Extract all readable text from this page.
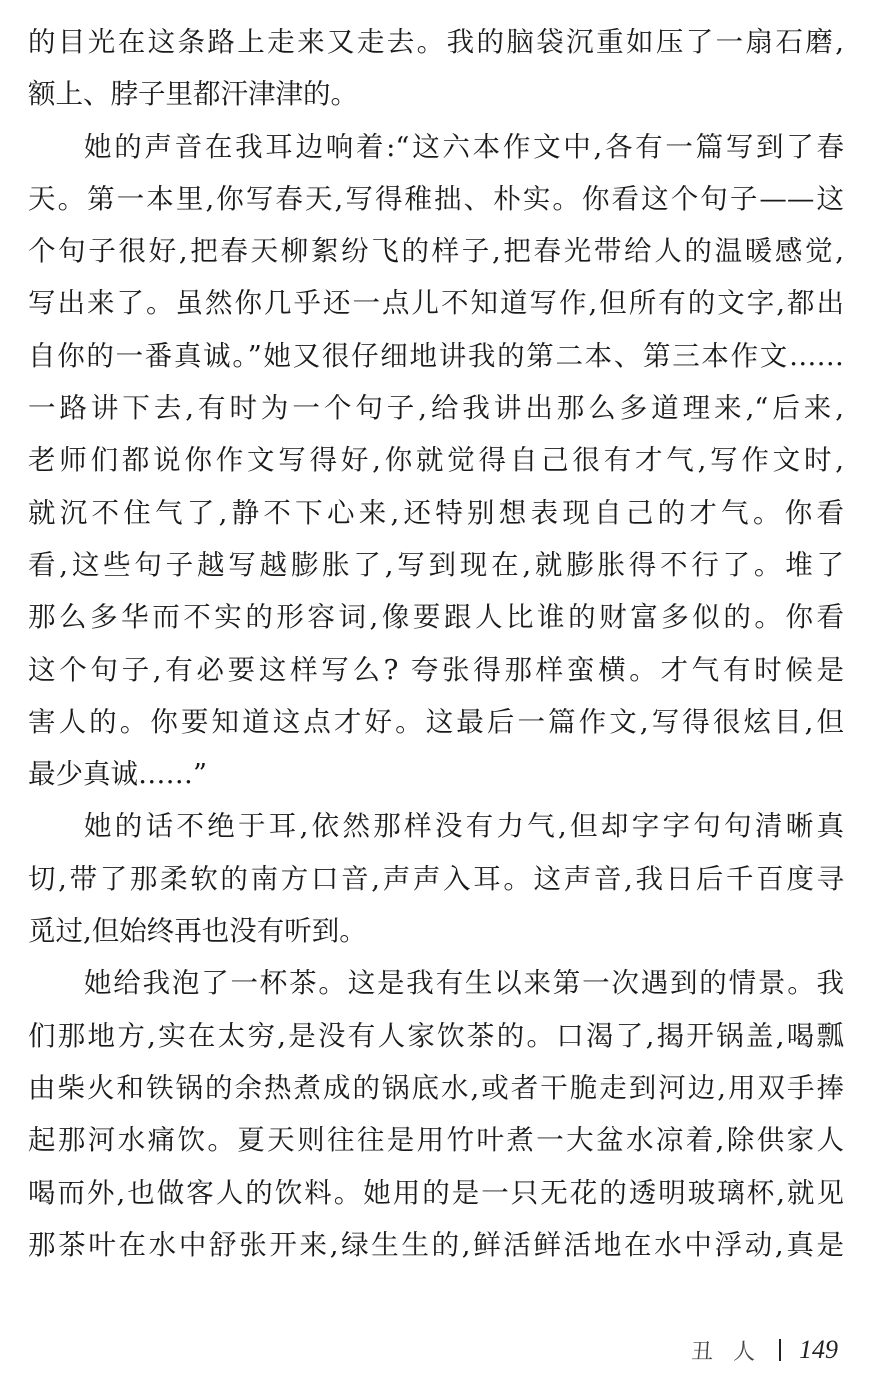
的目光在这条路上走来又走去。我的脑袋沉重如压了一扇石磨,
额上、脖子里都汗津津的。
她的声音在我耳边响着:“这六本作文中,各有一篇写到了春
天。第一本里,你写春天,写得稚拙、朴实。你看这个句子——这
个句子很好,把春天柳絮纷飞的样子,把春光带给人的温暖感觉,
写出来了。虽然你几乎还一点儿不知道写作,但所有的文字,都出
自你的一番真诚。”她又很仔细地讲我的第二本、第三本作文……
一路讲下去,有时为一个句子,给我讲出那么多道理来,“后来,
老师们都说你作文写得好,你就觉得自己很有才气,写作文时,
就沉不住气了,静不下心来,还特别想表现自己的才气。你看
看,这些句子越写越膨胀了,写到现在,就膨胀得不行了。堆了
那么多华而不实的形容词,像要跟人比谁的财富多似的。你看
这个句子,有必要这样写么? 夸张得那样蛮横。才气有时候是
害人的。你要知道这点才好。这最后一篇作文,写得很炫目,但
最少真诚……”
她的话不绝于耳,依然那样没有力气,但却字字句句清晰真
切,带了那柔软的南方口音,声声入耳。这声音,我日后千百度寻
觅过,但始终再也没有听到。
她给我泡了一杯茶。这是我有生以来第一次遇到的情景。我
们那地方,实在太穷,是没有人家饮茶的。口渴了,揭开锅盖,喝瓢
由柴火和铁锅的余热煮成的锅底水,或者干脆走到河边,用双手捧
起那河水痛饮。夏天则往往是用竹叶煮一大盆水凉着,除供家人
喝而外,也做客人的饮料。她用的是一只无花的透明玻璃杯,就见
那茶叶在水中舒张开来,绿生生的,鲜活鲜活地在水中浮动,真是
丑人 149
